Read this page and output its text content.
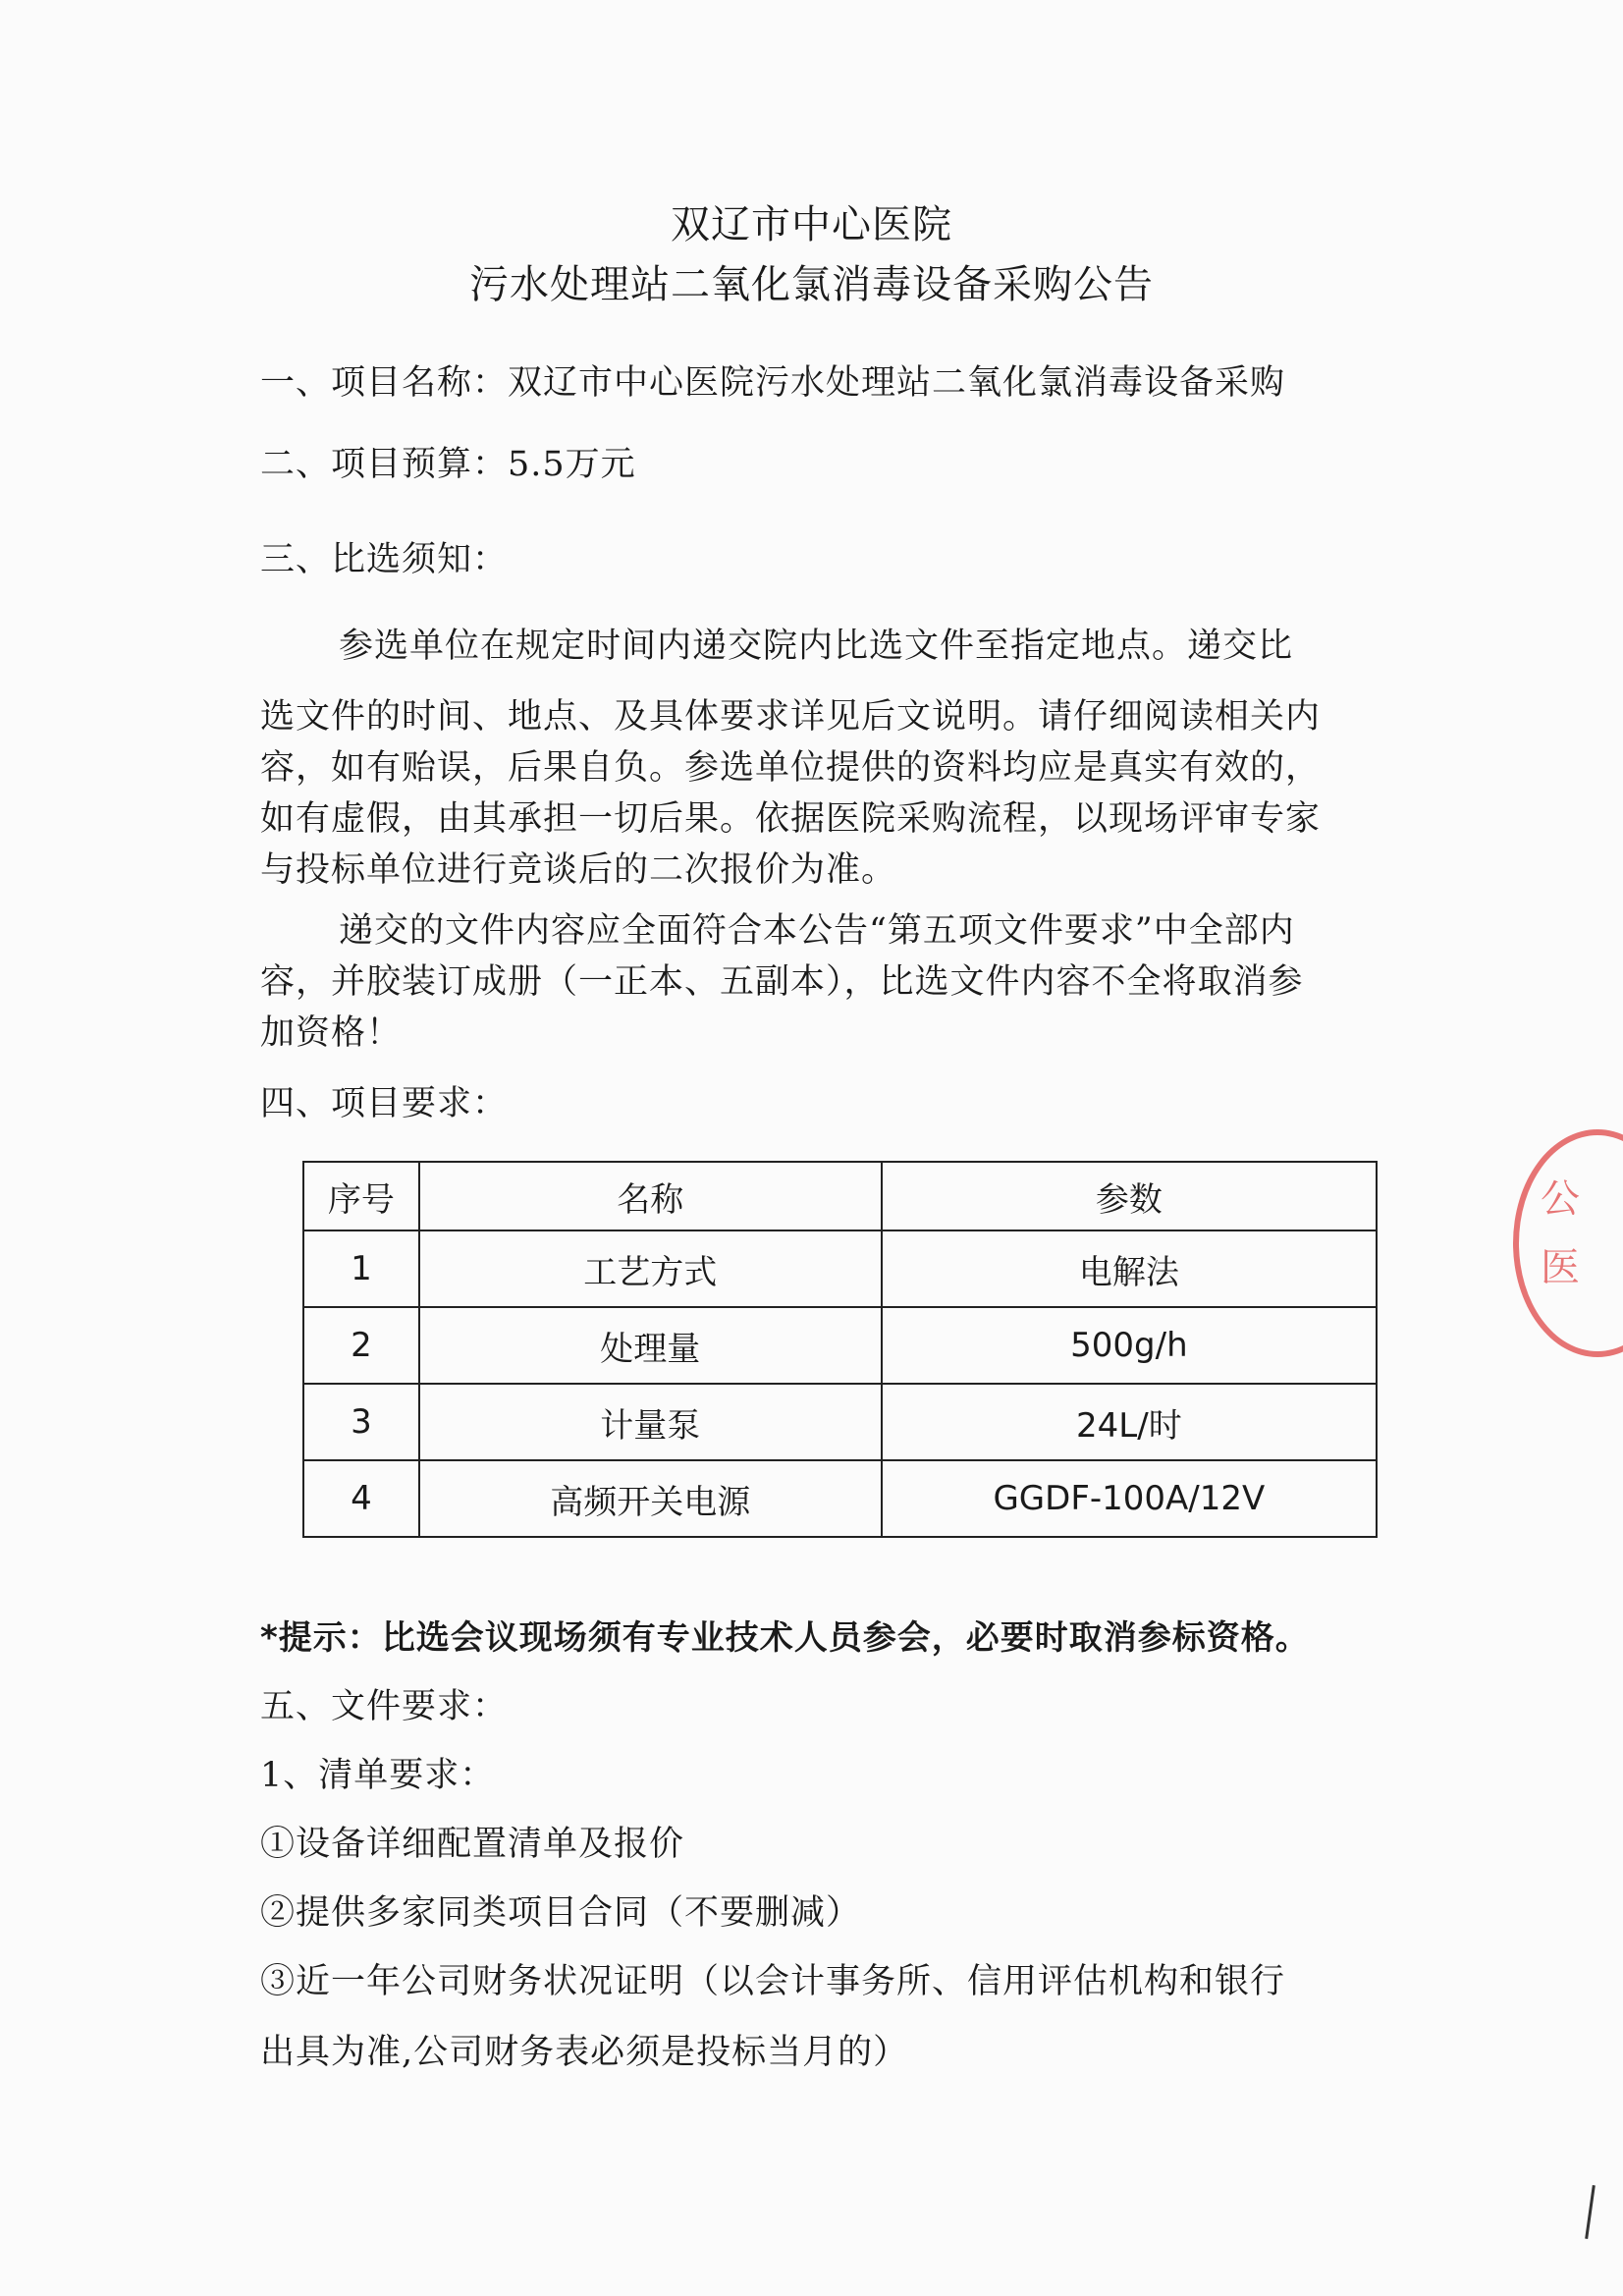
双辽市中心医院
污水处理站二氧化氯消毒设备采购公告
一、项目名称：双辽市中心医院污水处理站二氧化氯消毒设备采购
二、项目预算：5.5万元
三、比选须知：

参选单位在规定时间内递交院内比选文件至指定地点。递交比

选文件的时间、地点、及具体要求详见后文说明。请仔细阅读相关内

容，如有贻误，后果自负。参选单位提供的资料均应是真实有效的，

如有虚假，由其承担一切后果。依据医院采购流程，以现场评审专家

与投标单位进行竞谈后的二次报价为准。

递交的文件内容应全面符合本公告“第五项文件要求”中全部内

容，并胶装订成册（一正本、五副本），比选文件内容不全将取消参

加资格！

四、项目要求：
序号	名称	参数
1	工艺方式	电解法
2	处理量	500g/h
3	计量泵	24L/时
4	高频开关电源	GGDF-100A/12V
*提示：比选会议现场须有专业技术人员参会，必要时取消参标资格。
五、文件要求：
1、清单要求：
①设备详细配置清单及报价
②提供多家同类项目合同（不要删减）
③近一年公司财务状况证明（以会计事务所、信用评估机构和银行
出具为准,公司财务表必须是投标当月的）
公
医
